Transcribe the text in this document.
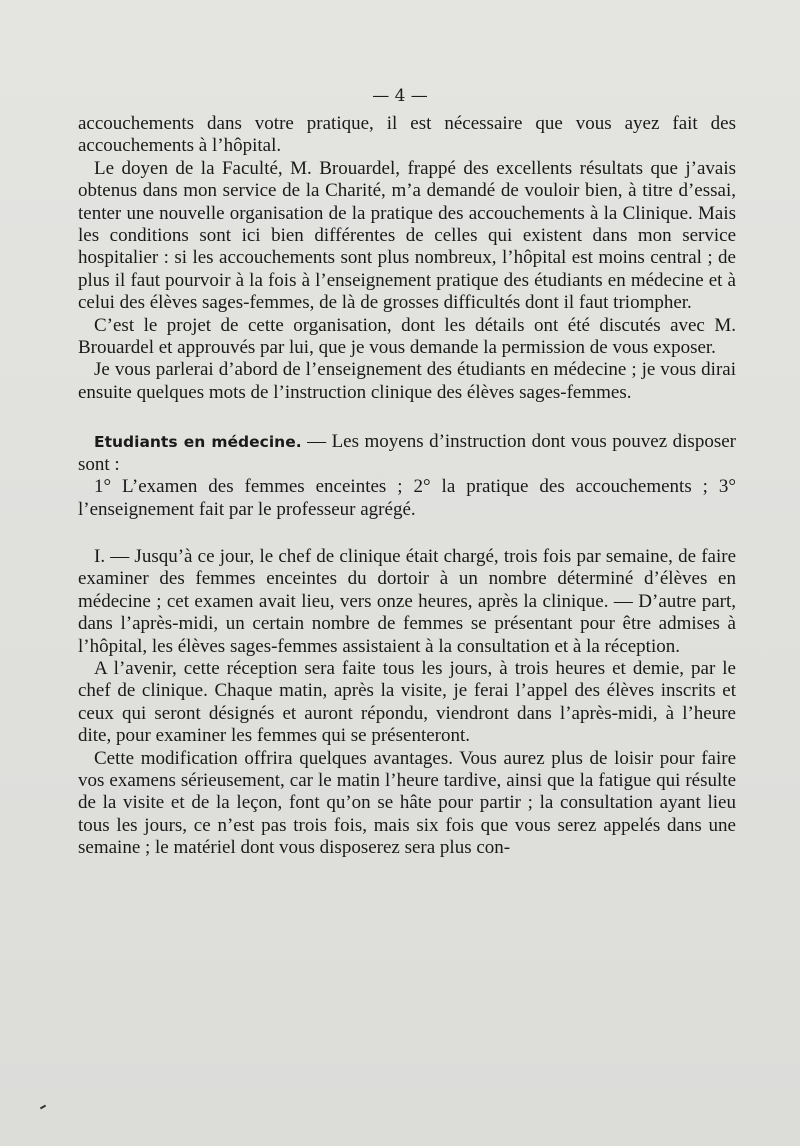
— 4 —

accouchements dans votre pratique, il est nécessaire que vous ayez fait des accouchements à l’hôpital.

Le doyen de la Faculté, M. Brouardel, frappé des excellents résultats que j’avais obtenus dans mon service de la Charité, m’a demandé de vouloir bien, à titre d’essai, tenter une nouvelle organisation de la pratique des accouchements à la Clinique. Mais les conditions sont ici bien différentes de celles qui existent dans mon service hospitalier : si les accouchements sont plus nombreux, l’hôpital est moins central ; de plus il faut pourvoir à la fois à l’enseignement pratique des étudiants en médecine et à celui des élèves sages-femmes, de là de grosses difficultés dont il faut triompher.

C’est le projet de cette organisation, dont les détails ont été discutés avec M. Brouardel et approuvés par lui, que je vous demande la permission de vous exposer.

Je vous parlerai d’abord de l’enseignement des étudiants en médecine ; je vous dirai ensuite quelques mots de l’instruction clinique des élèves sages-femmes.

Etudiants en médecine. — Les moyens d’instruction dont vous pouvez disposer sont :

1° L’examen des femmes enceintes ; 2° la pratique des accouchements ; 3° l’enseignement fait par le professeur agrégé.

I. — Jusqu’à ce jour, le chef de clinique était chargé, trois fois par semaine, de faire examiner des femmes enceintes du dortoir à un nombre déterminé d’élèves en médecine ; cet examen avait lieu, vers onze heures, après la clinique. — D’autre part, dans l’après-midi, un certain nombre de femmes se présentant pour être admises à l’hôpital, les élèves sages-femmes assistaient à la consultation et à la réception.

A l’avenir, cette réception sera faite tous les jours, à trois heures et demie, par le chef de clinique. Chaque matin, après la visite, je ferai l’appel des élèves inscrits et ceux qui seront désignés et auront répondu, viendront dans l’après-midi, à l’heure dite, pour examiner les femmes qui se présenteront.

Cette modification offrira quelques avantages. Vous aurez plus de loisir pour faire vos examens sérieusement, car le matin l’heure tardive, ainsi que la fatigue qui résulte de la visite et de la leçon, font qu’on se hâte pour partir ; la consultation ayant lieu tous les jours, ce n’est pas trois fois, mais six fois que vous serez appelés dans une semaine ; le matériel dont vous disposerez sera plus con-
